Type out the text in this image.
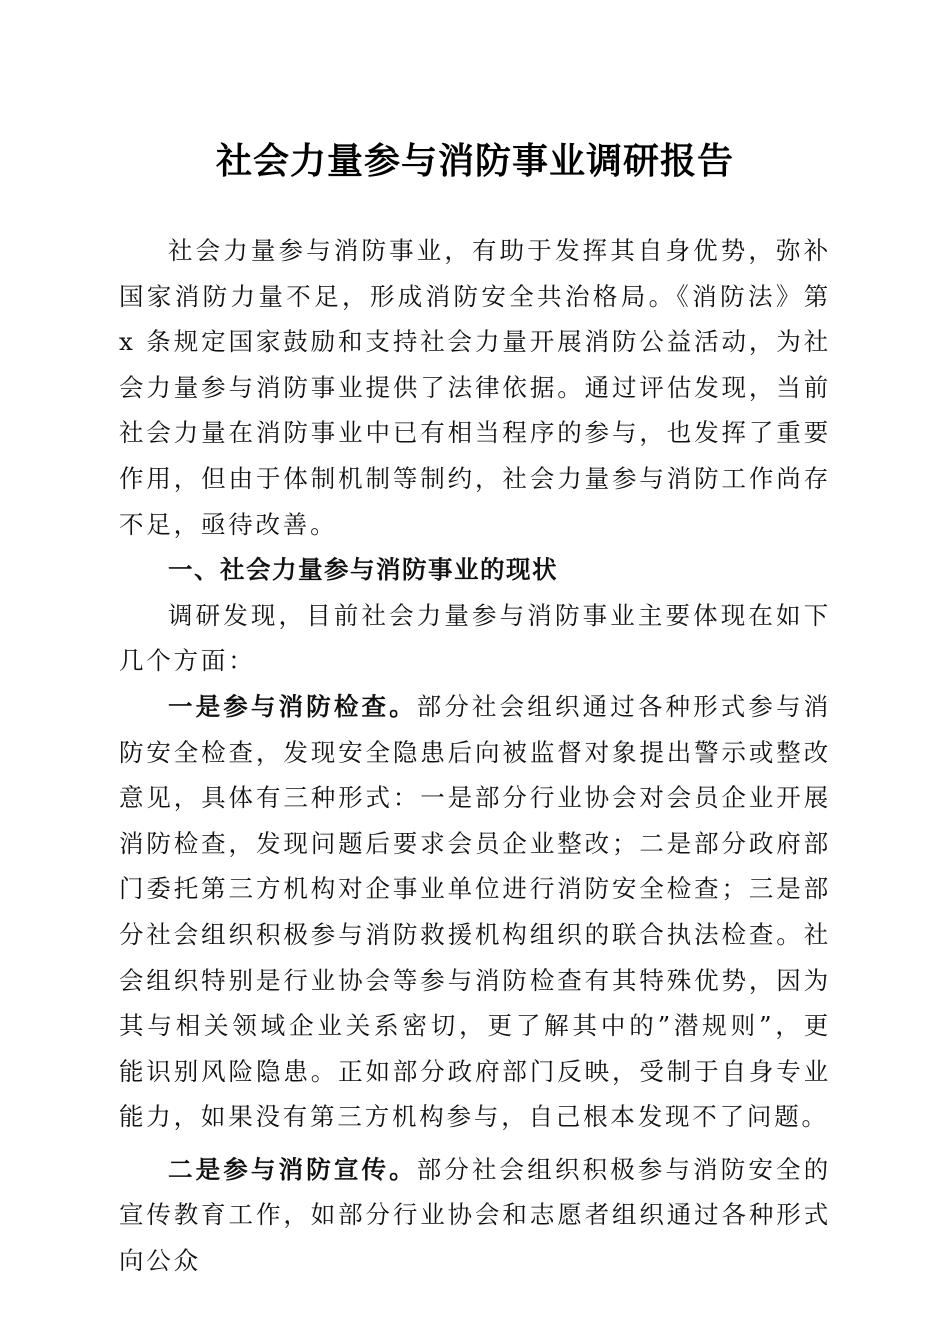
社会力量参与消防事业调研报告

社会力量参与消防事业，有助于发挥其自身优势，弥补国家消防力量不足，形成消防安全共治格局。《消防法》第 x 条规定国家鼓励和支持社会力量开展消防公益活动，为社会力量参与消防事业提供了法律依据。通过评估发现，当前社会力量在消防事业中已有相当程序的参与，也发挥了重要作用，但由于体制机制等制约，社会力量参与消防工作尚存不足，亟待改善。

一、社会力量参与消防事业的现状

调研发现，目前社会力量参与消防事业主要体现在如下几个方面：

一是参与消防检查。部分社会组织通过各种形式参与消防安全检查，发现安全隐患后向被监督对象提出警示或整改意见，具体有三种形式：一是部分行业协会对会员企业开展消防检查，发现问题后要求会员企业整改；二是部分政府部门委托第三方机构对企事业单位进行消防安全检查；三是部分社会组织积极参与消防救援机构组织的联合执法检查。社会组织特别是行业协会等参与消防检查有其特殊优势，因为其与相关领域企业关系密切，更了解其中的”潜规则”，更能识别风险隐患。正如部分政府部门反映，受制于自身专业能力，如果没有第三方机构参与，自己根本发现不了问题。

二是参与消防宣传。部分社会组织积极参与消防安全的宣传教育工作，如部分行业协会和志愿者组织通过各种形式向公众
